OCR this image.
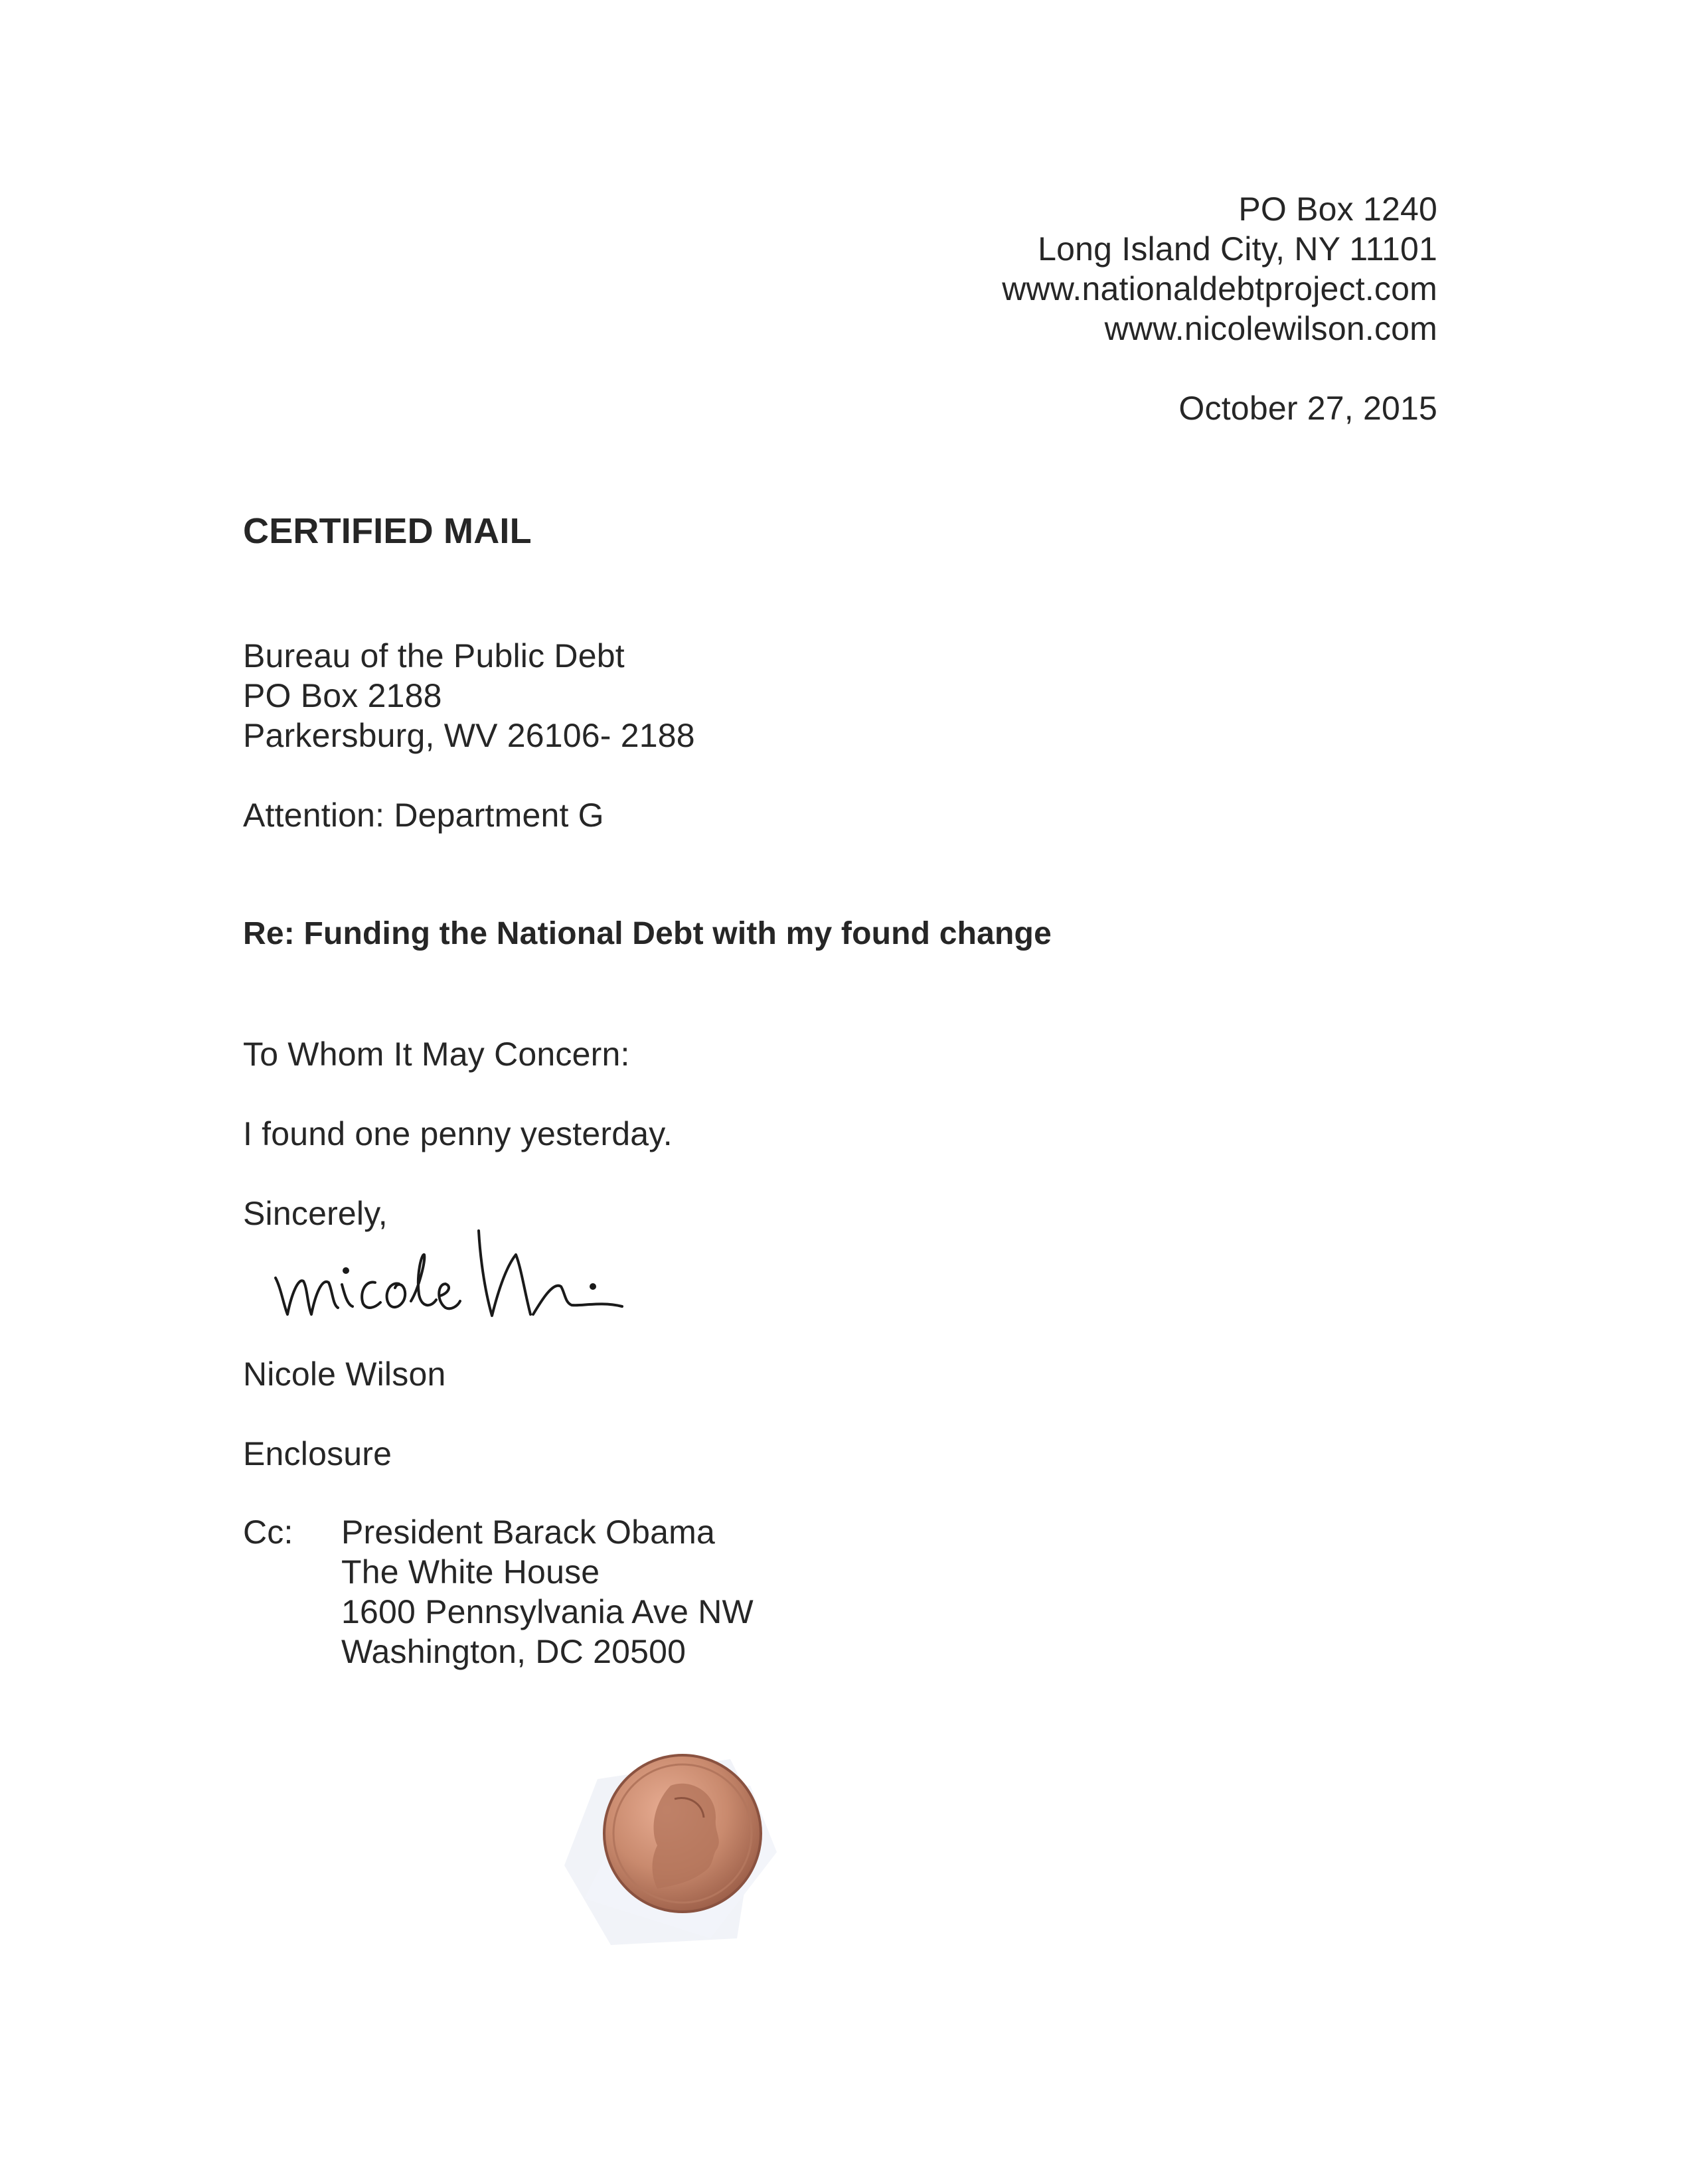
PO Box 1240
Long Island City, NY 11101
www.nationaldebtproject.com
www.nicolewilson.com
October 27, 2015
CERTIFIED MAIL
Bureau of the Public Debt
PO Box 2188
Parkersburg, WV 26106- 2188
Attention: Department G
Re: Funding the National Debt with my found change
To Whom It May Concern:
I found one penny yesterday.
Sincerely,
Nicole Wilson
Enclosure
Cc: President Barack Obama
The White House
1600 Pennsylvania Ave NW
Washington, DC 20500
